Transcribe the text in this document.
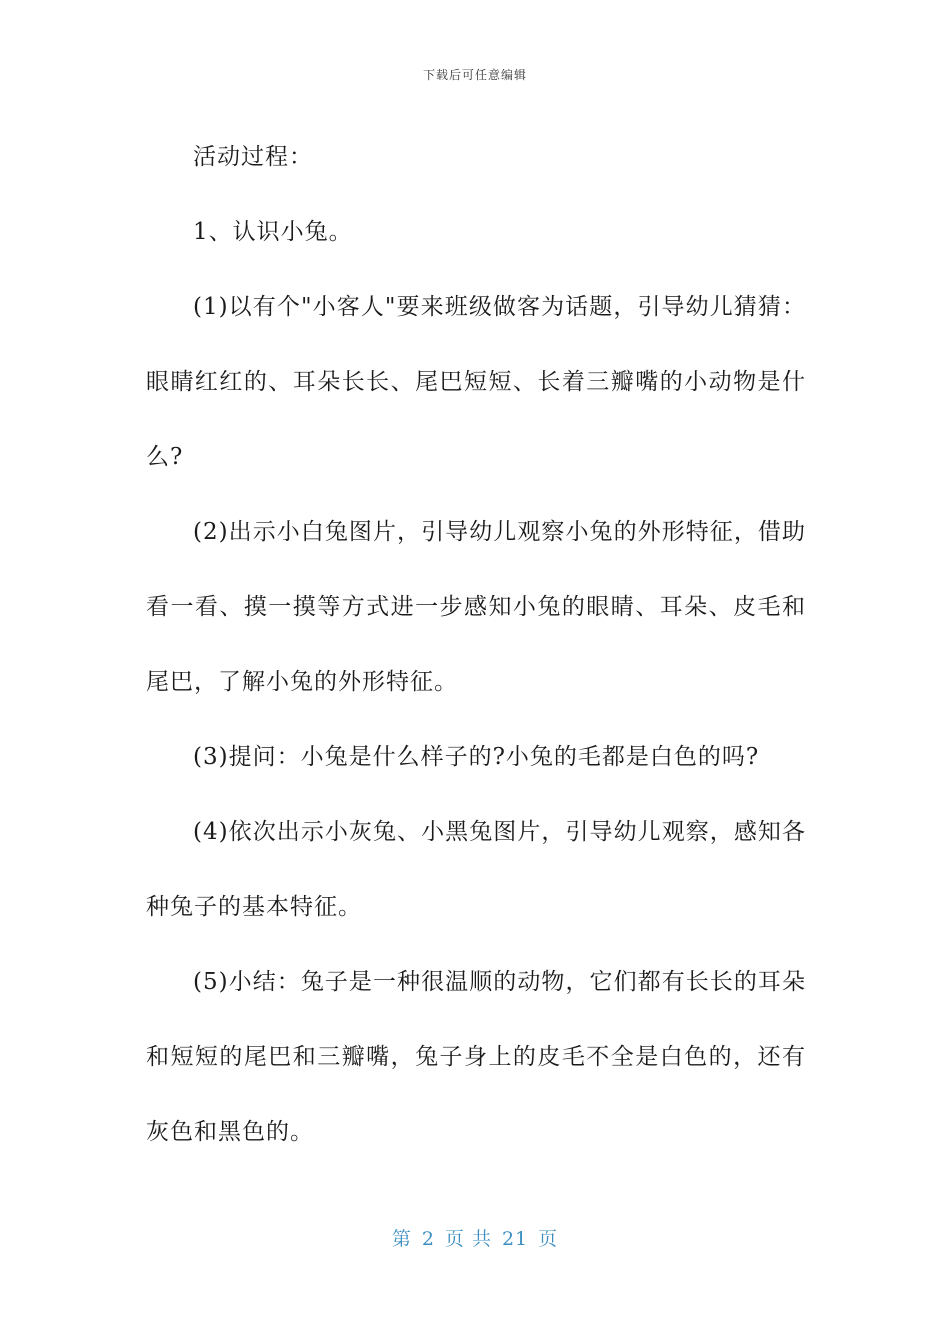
下载后可任意编辑

活动过程：

1、认识小兔。

(1)以有个"小客人"要来班级做客为话题，引导幼儿猜猜：眼睛红红的、耳朵长长、尾巴短短、长着三瓣嘴的小动物是什么?

(2)出示小白兔图片，引导幼儿观察小兔的外形特征，借助看一看、摸一摸等方式进一步感知小兔的眼睛、耳朵、皮毛和尾巴，了解小兔的外形特征。

(3)提问：小兔是什么样子的?小兔的毛都是白色的吗?

(4)依次出示小灰兔、小黑兔图片，引导幼儿观察，感知各种兔子的基本特征。

(5)小结：兔子是一种很温顺的动物，它们都有长长的耳朵和短短的尾巴和三瓣嘴，兔子身上的皮毛不全是白色的，还有灰色和黑色的。

第 2 页 共 21 页
